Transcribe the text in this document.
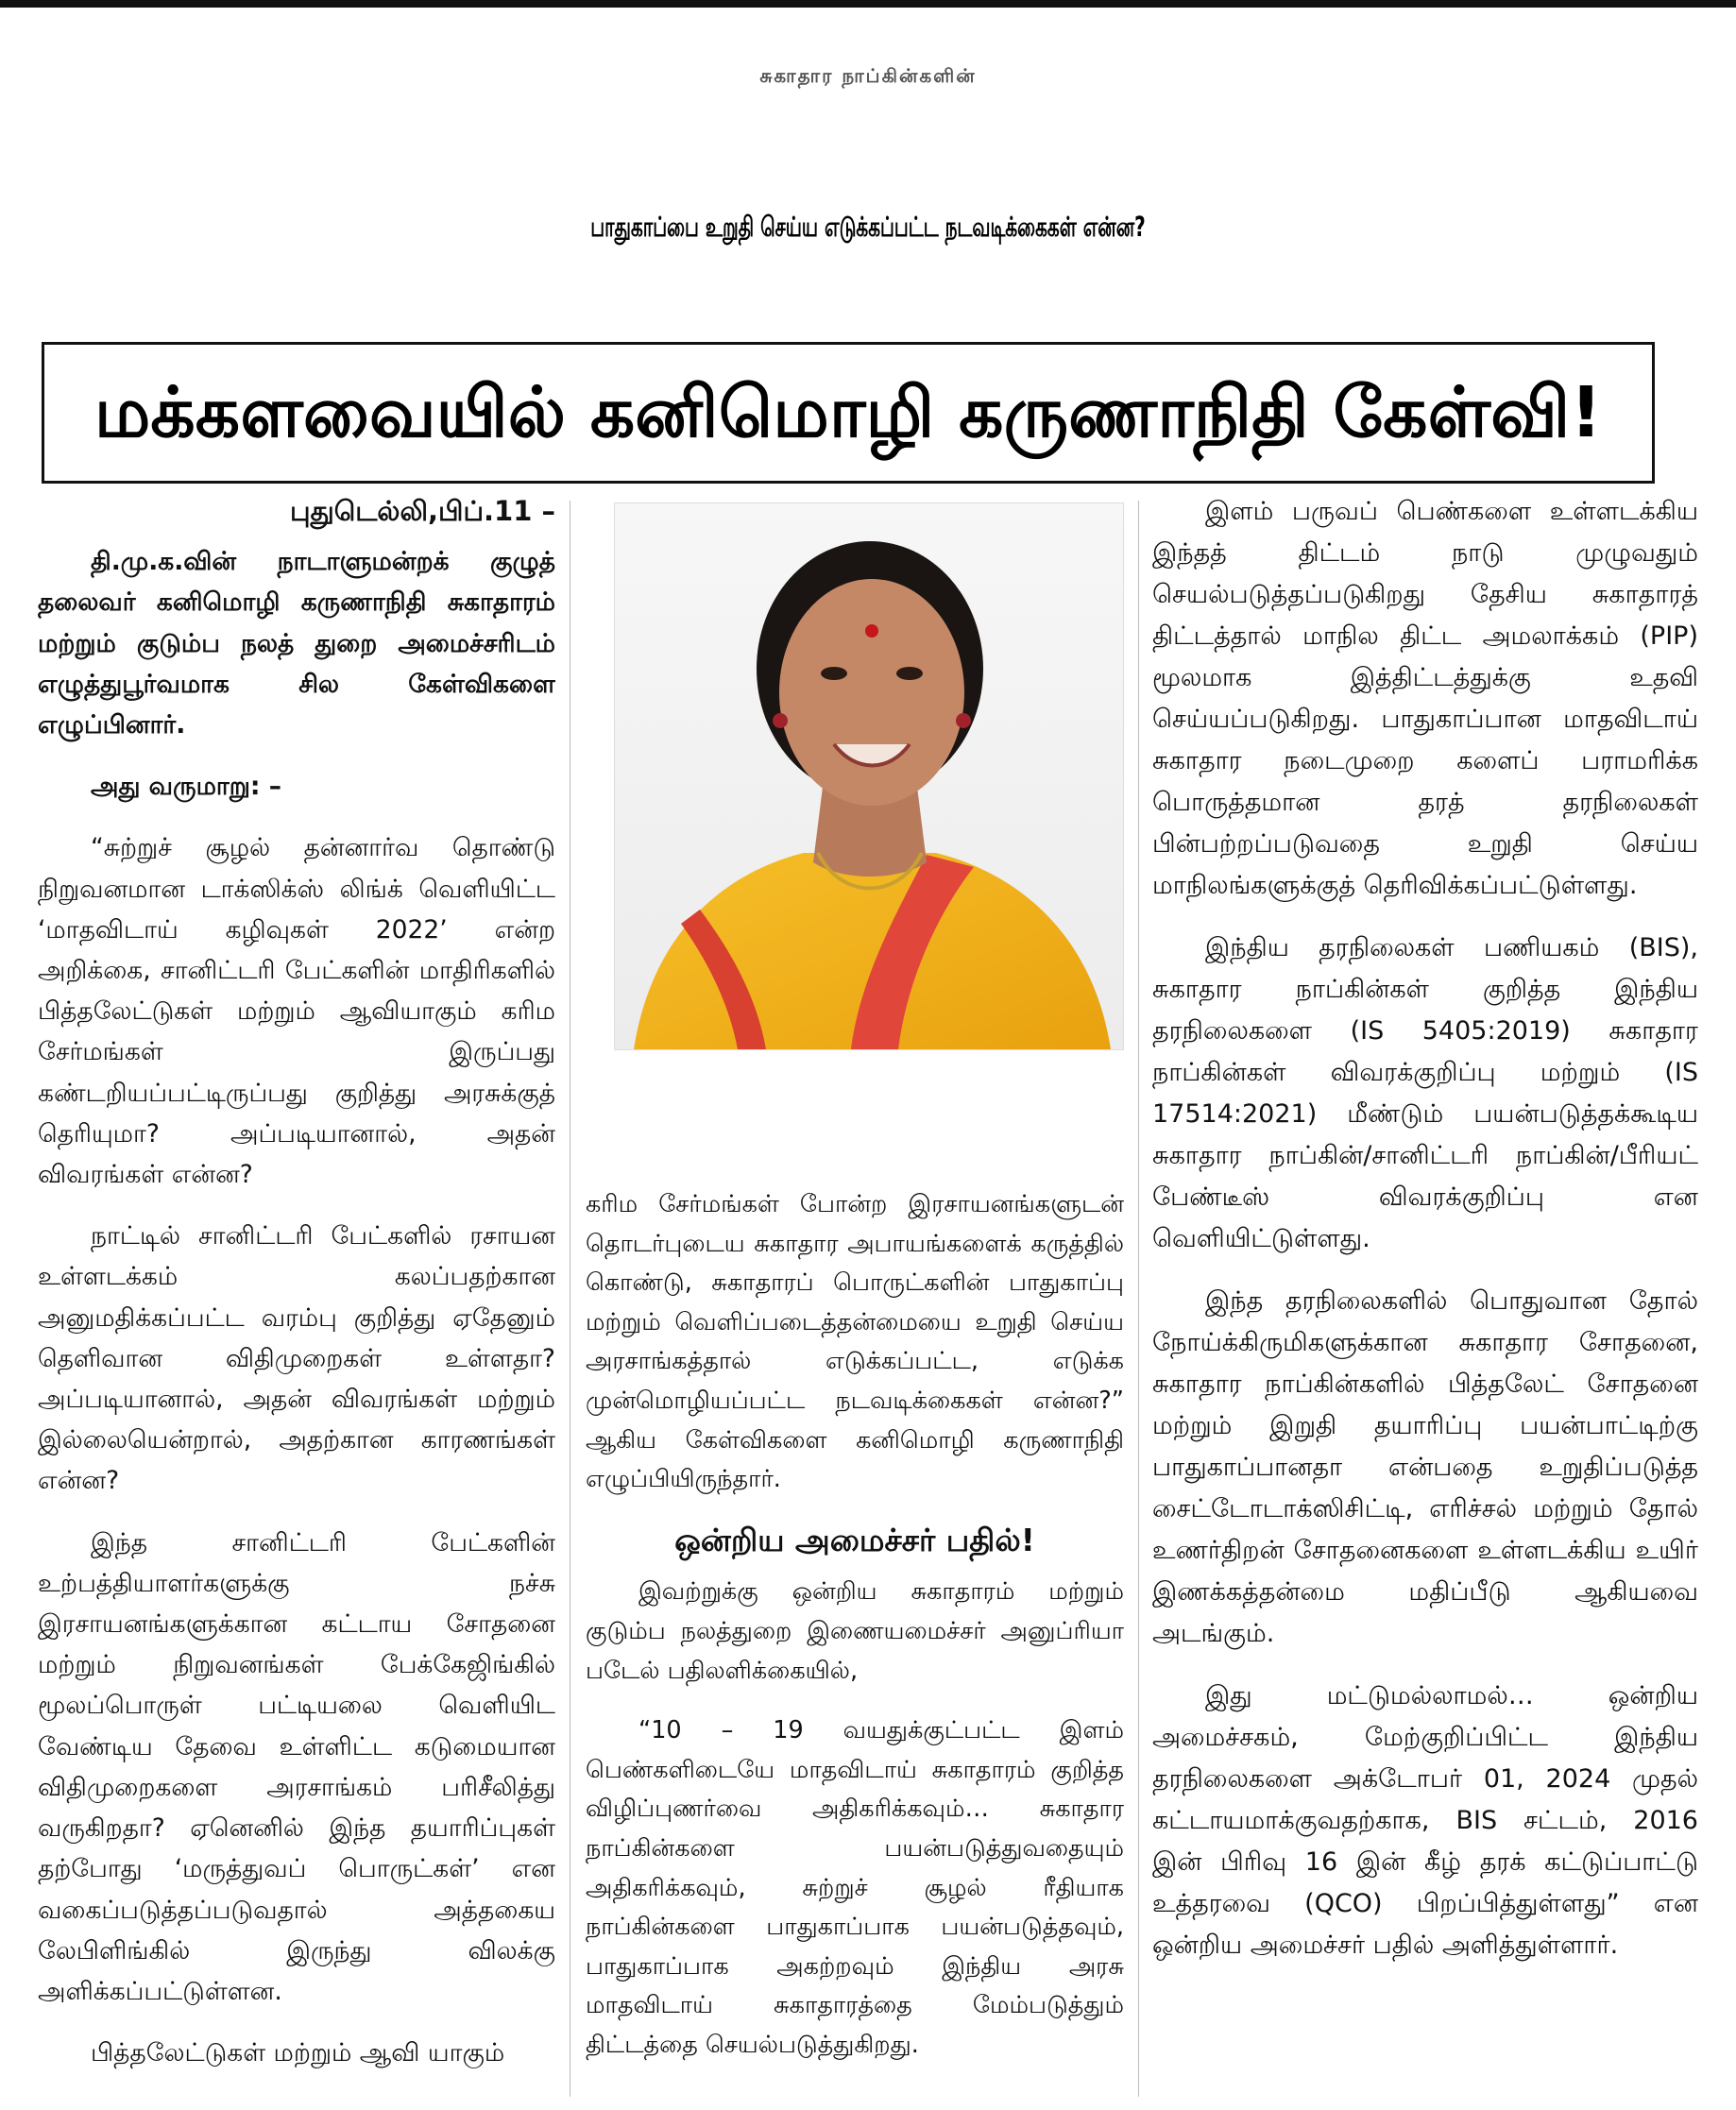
சுகாதார நாப்கின்களின்
பாதுகாப்பை உறுதி செய்ய எடுக்கப்பட்ட நடவடிக்கைகள் என்ன?
மக்களவையில் கனிமொழி கருணாநிதி கேள்வி!
புதுடெல்லி,பிப்.11 –

தி.மு.க.வின் நாடாளுமன்றக் குழுத் தலைவர் கனிமொழி கருணாநிதி சுகாதாரம் மற்றும் குடும்ப நலத் துறை அமைச்சரிடம் எழுத்துபூர்வமாக சில கேள்விகளை எழுப்பினார்.

அது வருமாறு: –

“சுற்றுச் சூழல் தன்னார்வ தொண்டு நிறுவனமான டாக்ஸிக்ஸ் லிங்க் வெளியிட்ட ‘மாதவிடாய் கழிவுகள் 2022’ என்ற அறிக்கை, சானிட்டரி பேட்களின் மாதிரிகளில் பித்தலேட்டுகள் மற்றும் ஆவியாகும் கரிம சேர்மங்கள் இருப்பது கண்டறியப்பட்டிருப்பது குறித்து அரசுக்குத் தெரியுமா? அப்படியானால், அதன் விவரங்கள் என்ன?

நாட்டில் சானிட்டரி பேட்களில் ரசாயன உள்ளடக்கம் கலப்பதற்கான அனுமதிக்கப்பட்ட வரம்பு குறித்து ஏதேனும் தெளிவான விதிமுறைகள் உள்ளதா? அப்படியானால், அதன் விவரங்கள் மற்றும் இல்லையென்றால், அதற்கான காரணங்கள் என்ன?

இந்த சானிட்டரி பேட்களின் உற்பத்தியாளர்களுக்கு நச்சு இரசாயனங்களுக்கான கட்டாய சோதனை மற்றும் நிறுவனங்கள் பேக்கேஜிங்கில் மூலப்பொருள் பட்டியலை வெளியிட வேண்டிய தேவை உள்ளிட்ட கடுமையான விதிமுறைகளை அரசாங்கம் பரிசீலித்து வருகிறதா? ஏனெனில் இந்த தயாரிப்புகள் தற்போது ‘மருத்துவப் பொருட்கள்’ என வகைப்படுத்தப்படுவதால் அத்தகைய லேபிளிங்கில் இருந்து விலக்கு அளிக்கப்பட்டுள்ளன.

பித்தலேட்டுகள் மற்றும் ஆவி யாகும்

கரிம சேர்மங்கள் போன்ற இரசாயனங்களுடன் தொடர்புடைய சுகாதார அபாயங்களைக் கருத்தில் கொண்டு, சுகாதாரப் பொருட்களின் பாதுகாப்பு மற்றும் வெளிப்படைத்தன்மையை உறுதி செய்ய அரசாங்கத்தால் எடுக்கப்பட்ட, எடுக்க முன்மொழியப்பட்ட நடவடிக்கைகள் என்ன?” ஆகிய கேள்விகளை கனிமொழி கருணாநிதி எழுப்பியிருந்தார்.

ஒன்றிய அமைச்சர் பதில்!

இவற்றுக்கு ஒன்றிய சுகாதாரம் மற்றும் குடும்ப நலத்துறை இணையமைச்சர் அனுப்ரியா படேல் பதிலளிக்கையில்,

“10 – 19 வயதுக்குட்பட்ட இளம் பெண்களிடையே மாதவிடாய் சுகாதாரம் குறித்த விழிப்புணர்வை அதிகரிக்கவும்… சுகாதார நாப்கின்களை பயன்படுத்துவதையும் அதிகரிக்கவும், சுற்றுச் சூழல் ரீதியாக நாப்கின்களை பாதுகாப்பாக பயன்படுத்தவும், பாதுகாப்பாக அகற்றவும் இந்திய அரசு மாதவிடாய் சுகாதாரத்தை மேம்படுத்தும் திட்டத்தை செயல்படுத்துகிறது.

இளம் பருவப் பெண்களை உள்ளடக்கிய இந்தத் திட்டம் நாடு முழுவதும் செயல்படுத்தப்படுகிறது தேசிய சுகாதாரத் திட்டத்தால் மாநில திட்ட அமலாக்கம் (PIP) மூலமாக இத்திட்டத்துக்கு உதவி செய்யப்படுகிறது. பாதுகாப்பான மாதவிடாய் சுகாதார நடைமுறை களைப் பராமரிக்க பொருத்தமான தரத் தரநிலைகள் பின்பற்றப்படுவதை உறுதி செய்ய மாநிலங்களுக்குத் தெரிவிக்கப்பட்டுள்ளது.

இந்திய தரநிலைகள் பணியகம் (BIS), சுகாதார நாப்கின்கள் குறித்த இந்திய தரநிலைகளை (IS 5405:2019) சுகாதார நாப்கின்கள் விவரக்குறிப்பு மற்றும் (IS 17514:2021) மீண்டும் பயன்படுத்தக்கூடிய சுகாதார நாப்கின்/சானிட்டரி நாப்கின்/பீரியட் பேண்டீஸ் விவரக்குறிப்பு என வெளியிட்டுள்ளது.

இந்த தரநிலைகளில் பொதுவான தோல் நோய்க்கிருமிகளுக்கான சுகாதார சோதனை, சுகாதார நாப்கின்களில் பித்தலேட் சோதனை மற்றும் இறுதி தயாரிப்பு பயன்பாட்டிற்கு பாதுகாப்பானதா என்பதை உறுதிப்படுத்த சைட்டோடாக்ஸிசிட்டி, எரிச்சல் மற்றும் தோல் உணர்திறன் சோதனைகளை உள்ளடக்கிய உயிர் இணக்கத்தன்மை மதிப்பீடு ஆகியவை அடங்கும்.

இது மட்டுமல்லாமல்… ஒன்றிய அமைச்சகம், மேற்குறிப்பிட்ட இந்திய தரநிலைகளை அக்டோபர் 01, 2024 முதல் கட்டாயமாக்குவதற்காக, BIS சட்டம், 2016 இன் பிரிவு 16 இன் கீழ் தரக் கட்டுப்பாட்டு உத்தரவை (QCO) பிறப்பித்துள்ளது” என ஒன்றிய அமைச்சர் பதில் அளித்துள்ளார்.
